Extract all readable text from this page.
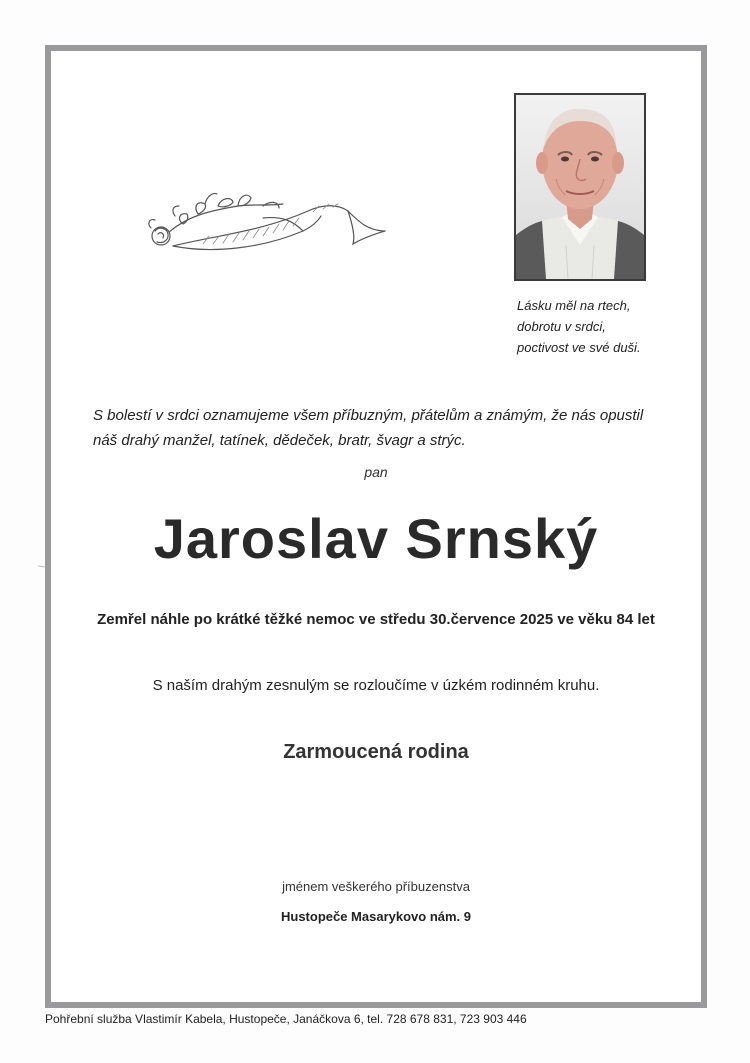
Lásku měl na rtech,
dobrotu v srdci,
poctivost ve své duši.
S bolestí v srdci oznamujeme všem příbuzným, přátelům a známým, že nás opustil
náš drahý manžel, tatínek, dědeček, bratr, švagr a strýc.
pan
Jaroslav Srnský
Zemřel náhle po krátké těžké nemoc ve středu 30.července 2025 ve věku 84 let
S naším drahým zesnulým se rozloučíme v úzkém rodinném kruhu.
Zarmoucená rodina
jménem veškerého příbuzenstva
Hustopeče Masarykovo nám. 9
Pohřební služba Vlastimír Kabela, Hustopeče, Janáčkova 6, tel. 728 678 831, 723 903 446
